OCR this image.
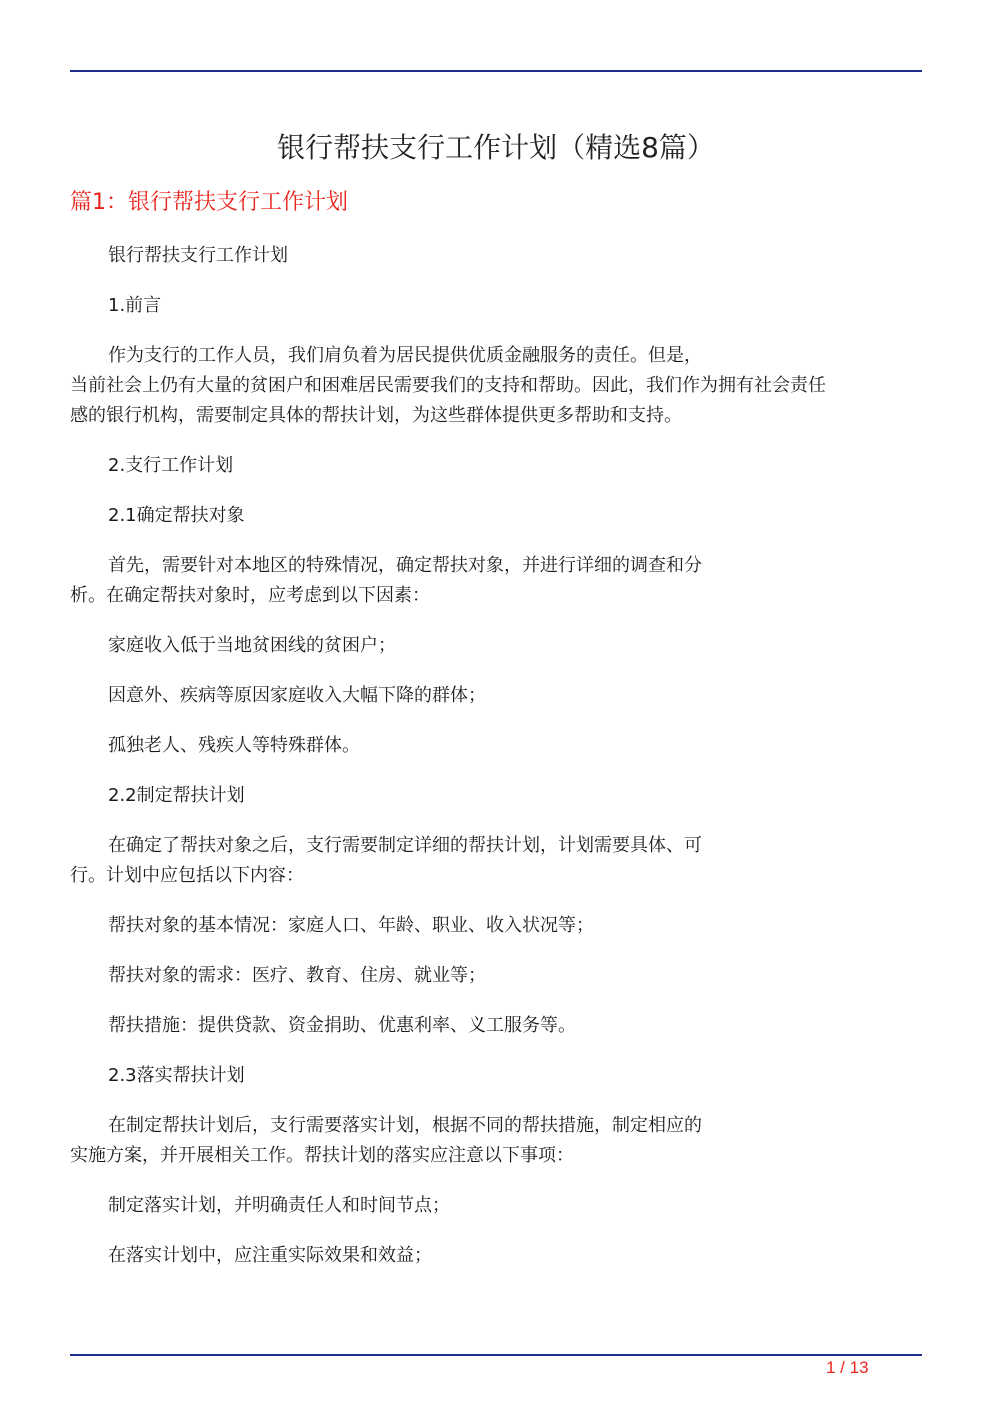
银行帮扶支行工作计划（精选8篇）
篇1：银行帮扶支行工作计划
银行帮扶支行工作计划
1.前言
作为支行的工作人员，我们肩负着为居民提供优质金融服务的责任。但是，
当前社会上仍有大量的贫困户和困难居民需要我们的支持和帮助。因此，我们作为拥有社会责任
感的银行机构，需要制定具体的帮扶计划，为这些群体提供更多帮助和支持。
2.支行工作计划
2.1确定帮扶对象
首先，需要针对本地区的特殊情况，确定帮扶对象，并进行详细的调查和分
析。在确定帮扶对象时，应考虑到以下因素：
家庭收入低于当地贫困线的贫困户；
因意外、疾病等原因家庭收入大幅下降的群体；
孤独老人、残疾人等特殊群体。
2.2制定帮扶计划
在确定了帮扶对象之后，支行需要制定详细的帮扶计划，计划需要具体、可
行。计划中应包括以下内容：
帮扶对象的基本情况：家庭人口、年龄、职业、收入状况等；
帮扶对象的需求：医疗、教育、住房、就业等；
帮扶措施：提供贷款、资金捐助、优惠利率、义工服务等。
2.3落实帮扶计划
在制定帮扶计划后，支行需要落实计划，根据不同的帮扶措施，制定相应的
实施方案，并开展相关工作。帮扶计划的落实应注意以下事项：
制定落实计划，并明确责任人和时间节点；
在落实计划中，应注重实际效果和效益；
1 / 13
